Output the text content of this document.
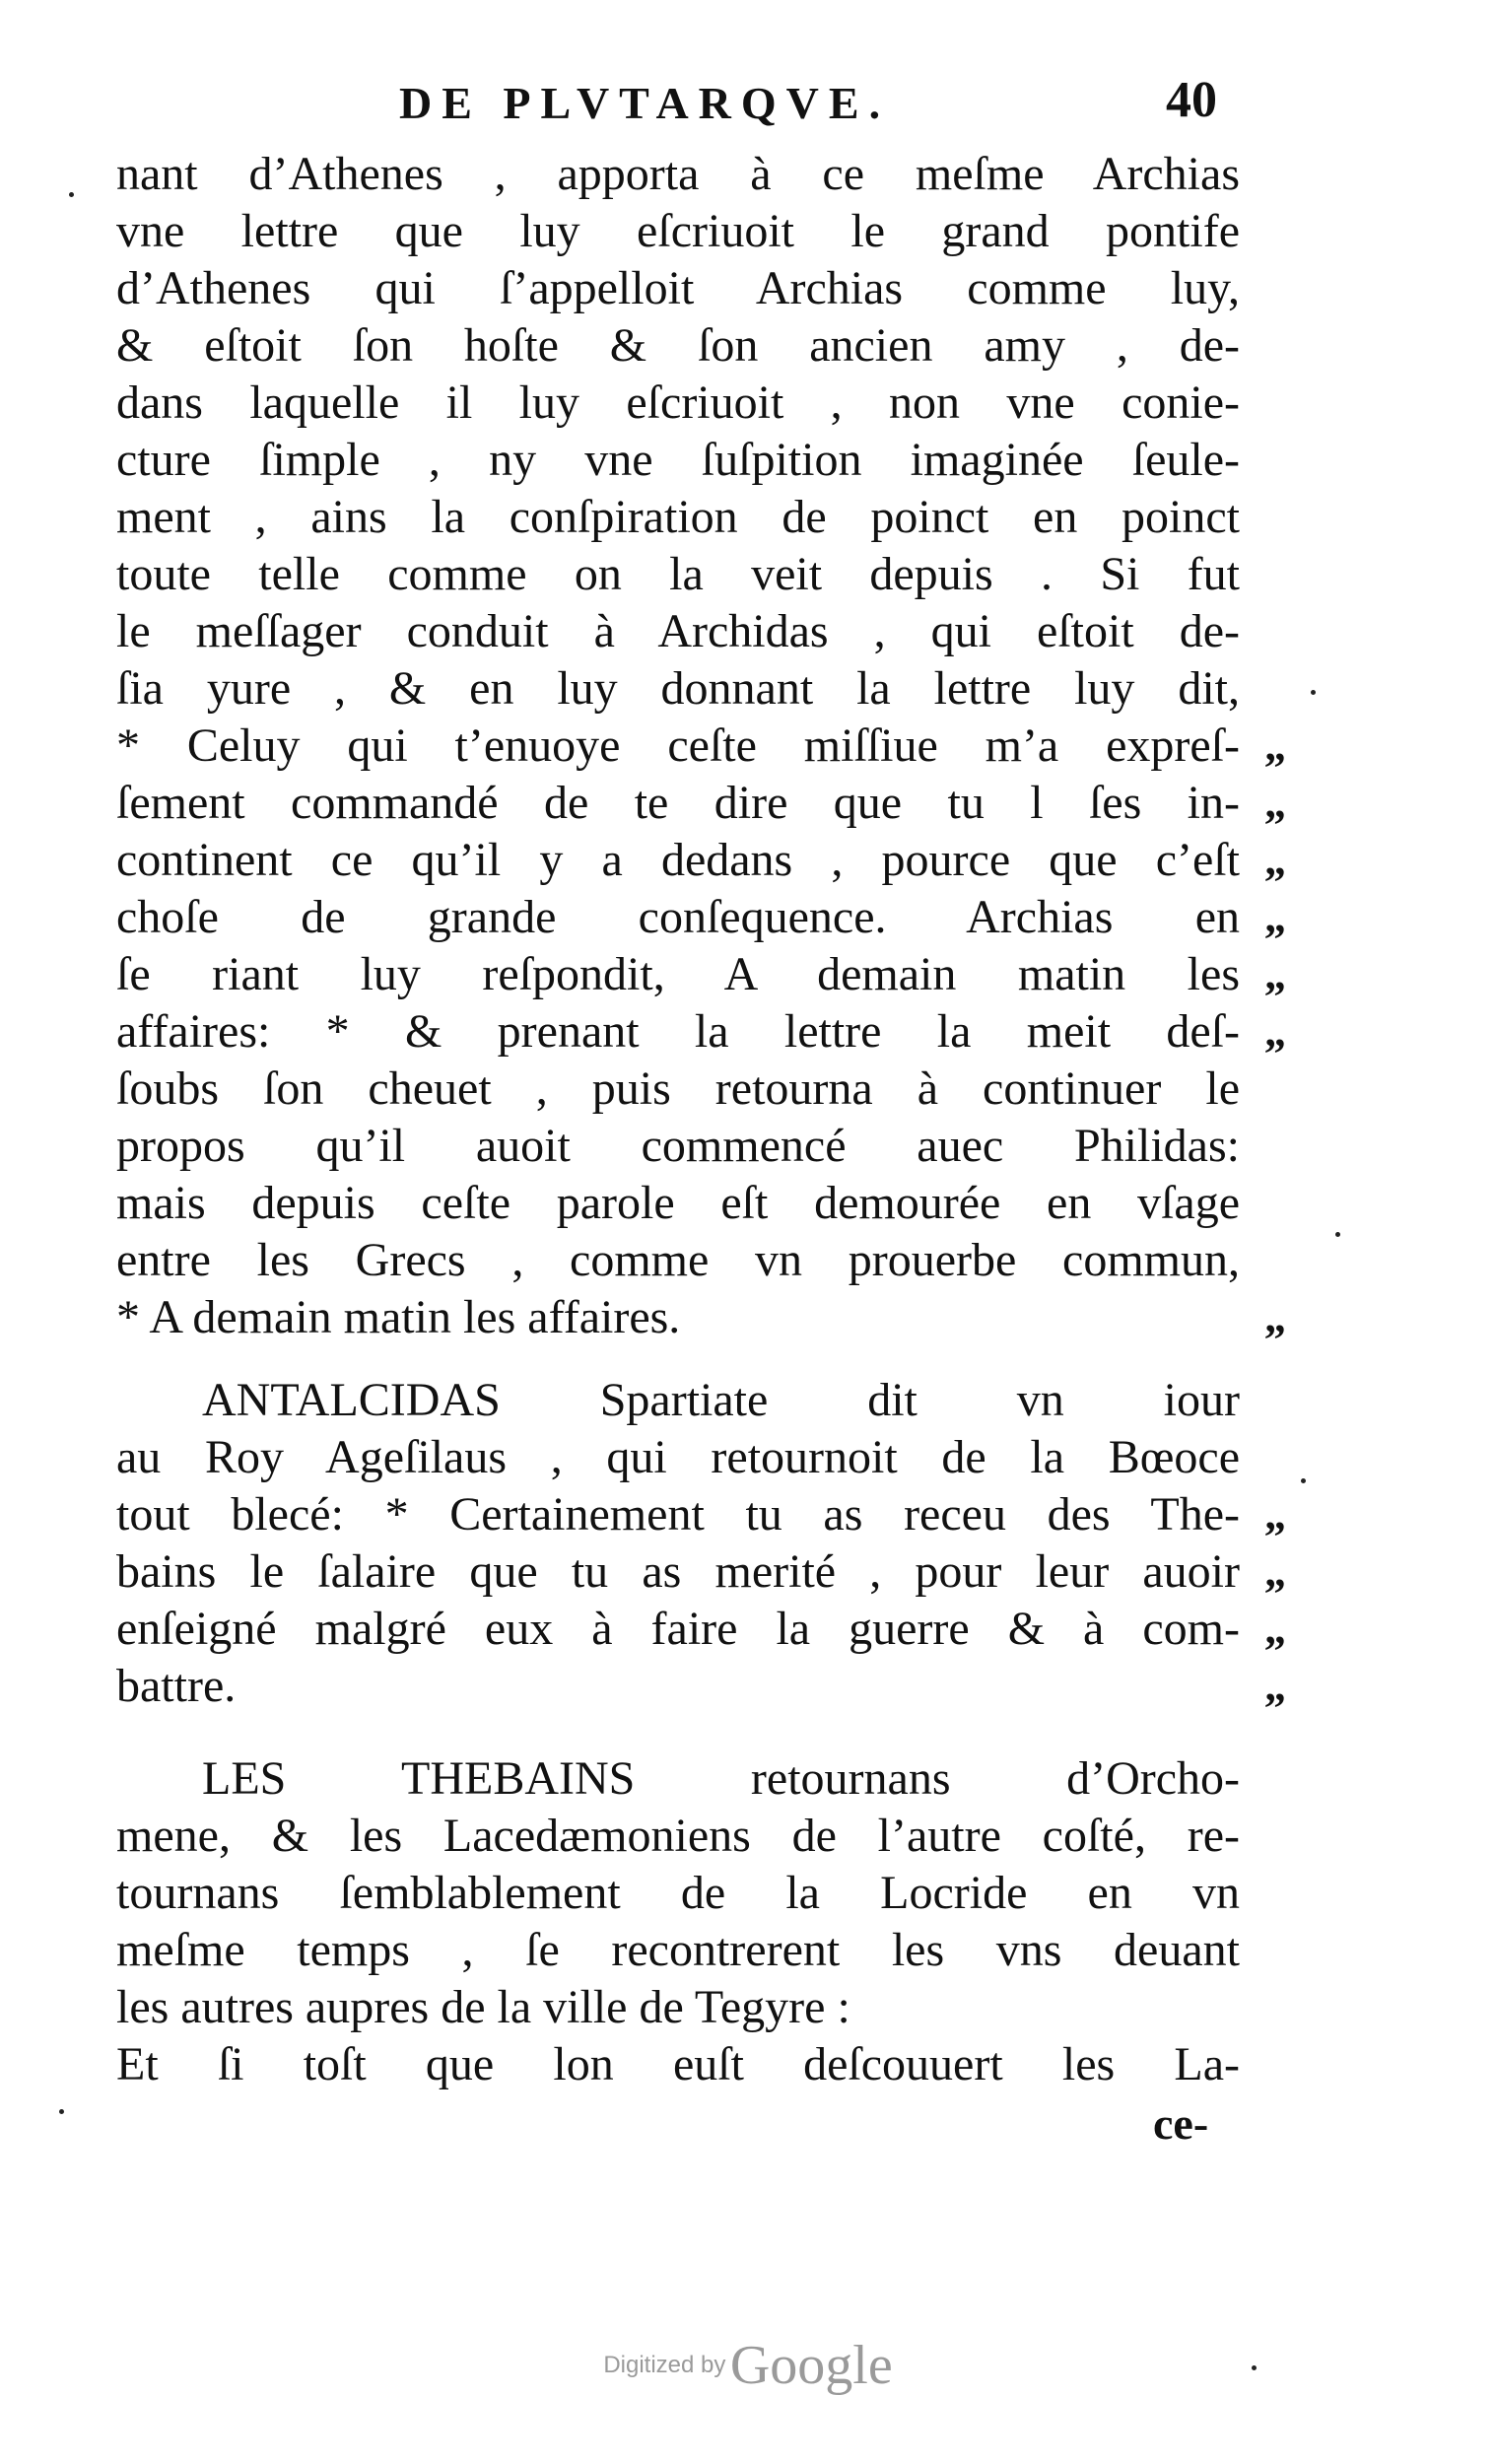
DE PLVTARQVE.	40
nant d’Athenes , apporta à ce meſme Archias
vne lettre que luy eſcriuoit le grand pontife
d’Athenes qui ſ’appelloit Archias comme luy,
& eſtoit ſon hoſte & ſon ancien amy , de-
dans laquelle il luy eſcriuoit , non vne conie-
cture ſimple , ny vne ſuſpition imaginée ſeule-
ment , ains la conſpiration de poinct en poinct
toute telle comme on la veit depuis . Si fut
le meſſager conduit à Archidas , qui eſtoit de-
ſia yure , & en luy donnant la lettre luy dit,
* Celuy qui t’enuoye ceſte miſſiue m’a expreſ-
ſement commandé de te dire que tu l ſes in-
continent ce qu’il y a dedans , pource que c’eſt
choſe de grande conſequence. Archias en
ſe riant luy reſpondit, A demain matin les
affaires: * & prenant la lettre la meit deſ-
ſoubs ſon cheuet , puis retourna à continuer le
propos qu’il auoit commencé auec Philidas:
mais depuis ceſte parole eſt demourée en vſage
entre les Grecs , comme vn prouerbe commun,
* A demain matin les affaires.
ANTALCIDAS Spartiate dit vn iour
au Roy Ageſilaus , qui retournoit de la Bœoce
tout blecé: * Certainement tu as receu des The-
bains le ſalaire que tu as merité , pour leur auoir
enſeigné malgré eux à faire la guerre & à com-
battre.
LES THEBAINS retournans d’Orcho-
mene, & les Lacedæmoniens de l’autre coſté, re-
tournans ſemblablement de la Locride en vn
meſme temps , ſe recontrerent les vns deuant
les autres aupres de la ville de Tegyre :
Et ſi toſt que lon euſt deſcouuert les La-
„
„
„
„
„
„
„
„
„
„
„
ce-
Digitized by Google
